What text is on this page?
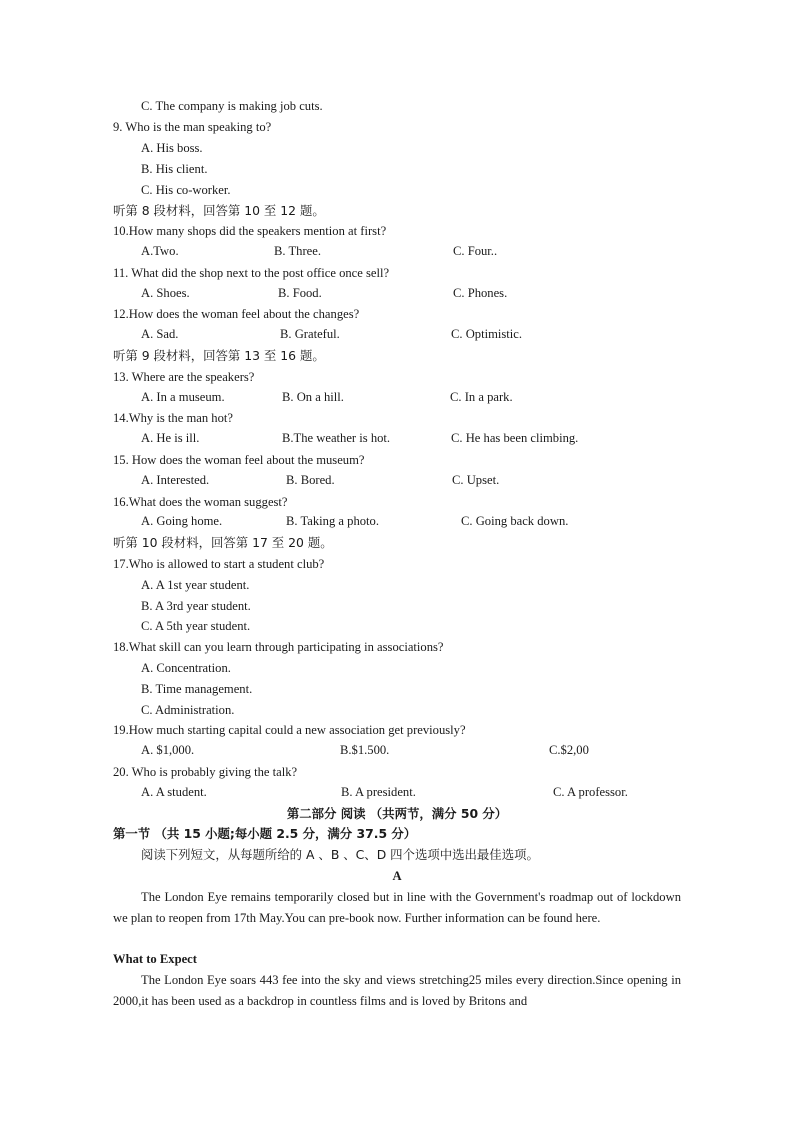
C. The company is making job cuts.
9. Who is the man speaking to?
A. His boss.
B. His client.
C. His co-worker.
听第 8 段材料，回答第 10 至 12 题。
10.How many shops did the speakers mention at first?
A.Two.	B. Three.	C. Four..
11. What did the shop next to the post office once sell?
A. Shoes.	B. Food.	C. Phones.
12.How does the woman feel about the changes?
A. Sad.	B. Grateful.	C. Optimistic.
听第 9 段材料，回答第 13 至 16 题。
13. Where are the speakers?
A. In a museum.	B. On a hill.	C. In a park.
14.Why is the man hot?
A. He is ill.	B.The weather is hot.	C. He has been climbing.
15. How does the woman feel about the museum?
A. Interested.	B. Bored.	C. Upset.
16.What does the woman suggest?
A. Going home.	B. Taking a photo.	C. Going back down.
听第 10 段材料，回答第 17 至 20 题。
17.Who is allowed to start a student club?
A. A 1st year student.
B. A 3rd year student.
C. A 5th year student.
18.What skill can you learn through participating in associations?
A. Concentration.
B. Time management.
C. Administration.
19.How much starting capital could a new association get previously?
A. $1,000.	B.$1.500.	C.$2,00
20. Who is probably giving the talk?
A. A student.	B. A president.	C. A professor.
第二部分 阅读 （共两节，满分 50 分）
第一节 （共 15 小题;每小题 2.5 分，满分 37.5 分）
阅读下列短文，从每题所给的 A 、B 、C、D 四个选项中选出最佳选项。
A
The London Eye remains temporarily closed but in line with the Government's roadmap out of lockdown we plan to reopen from 17th May.You can pre-book now. Further information can be found here.
What to Expect
The London Eye soars 443 fee into the sky and views stretching25 miles every direction.Since opening in 2000,it has been used as a backdrop in countless films and is loved by Britons and
